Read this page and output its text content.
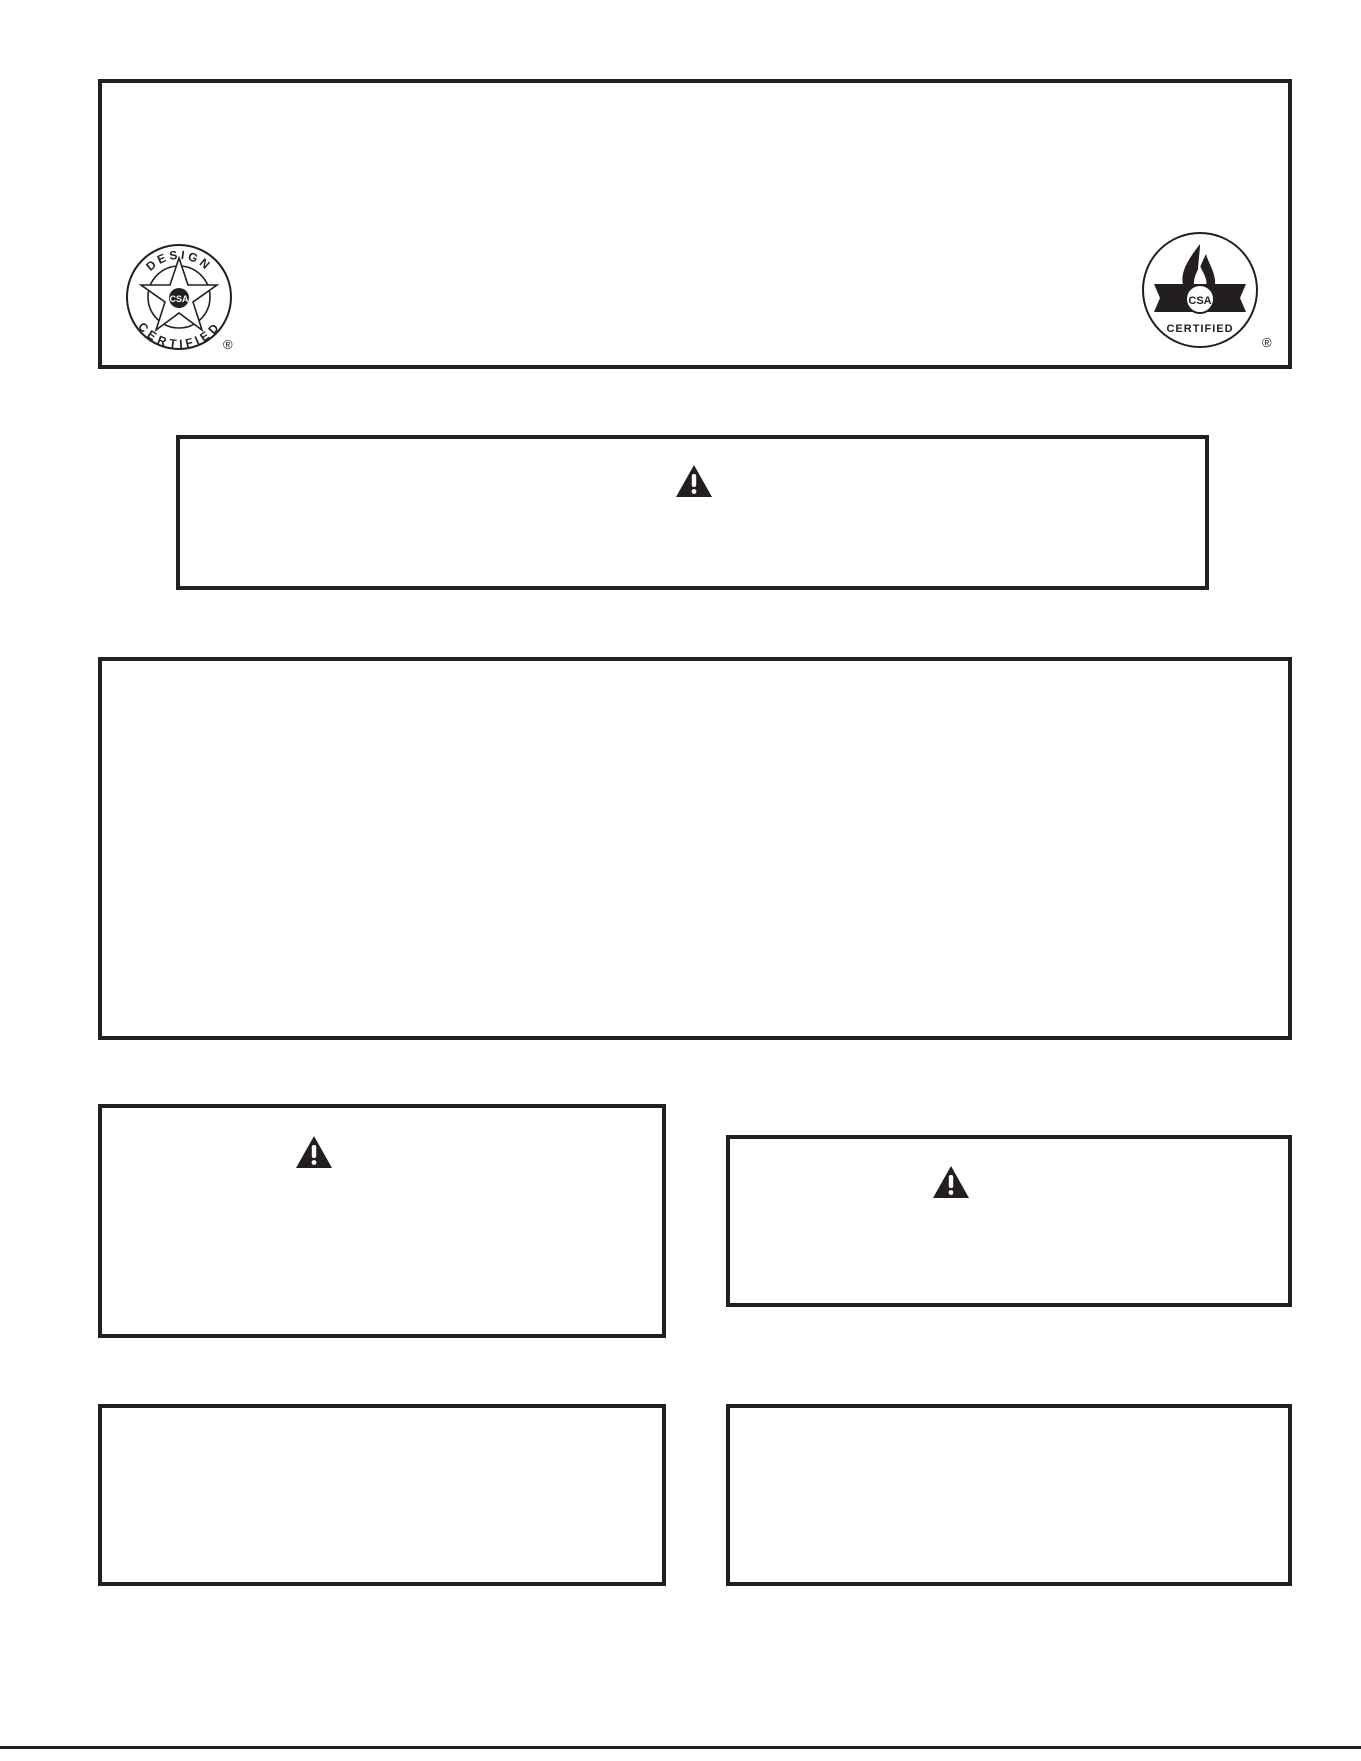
CSA
DESIGN
CERTIFIED
®
CSA
CERTIFIED
®
